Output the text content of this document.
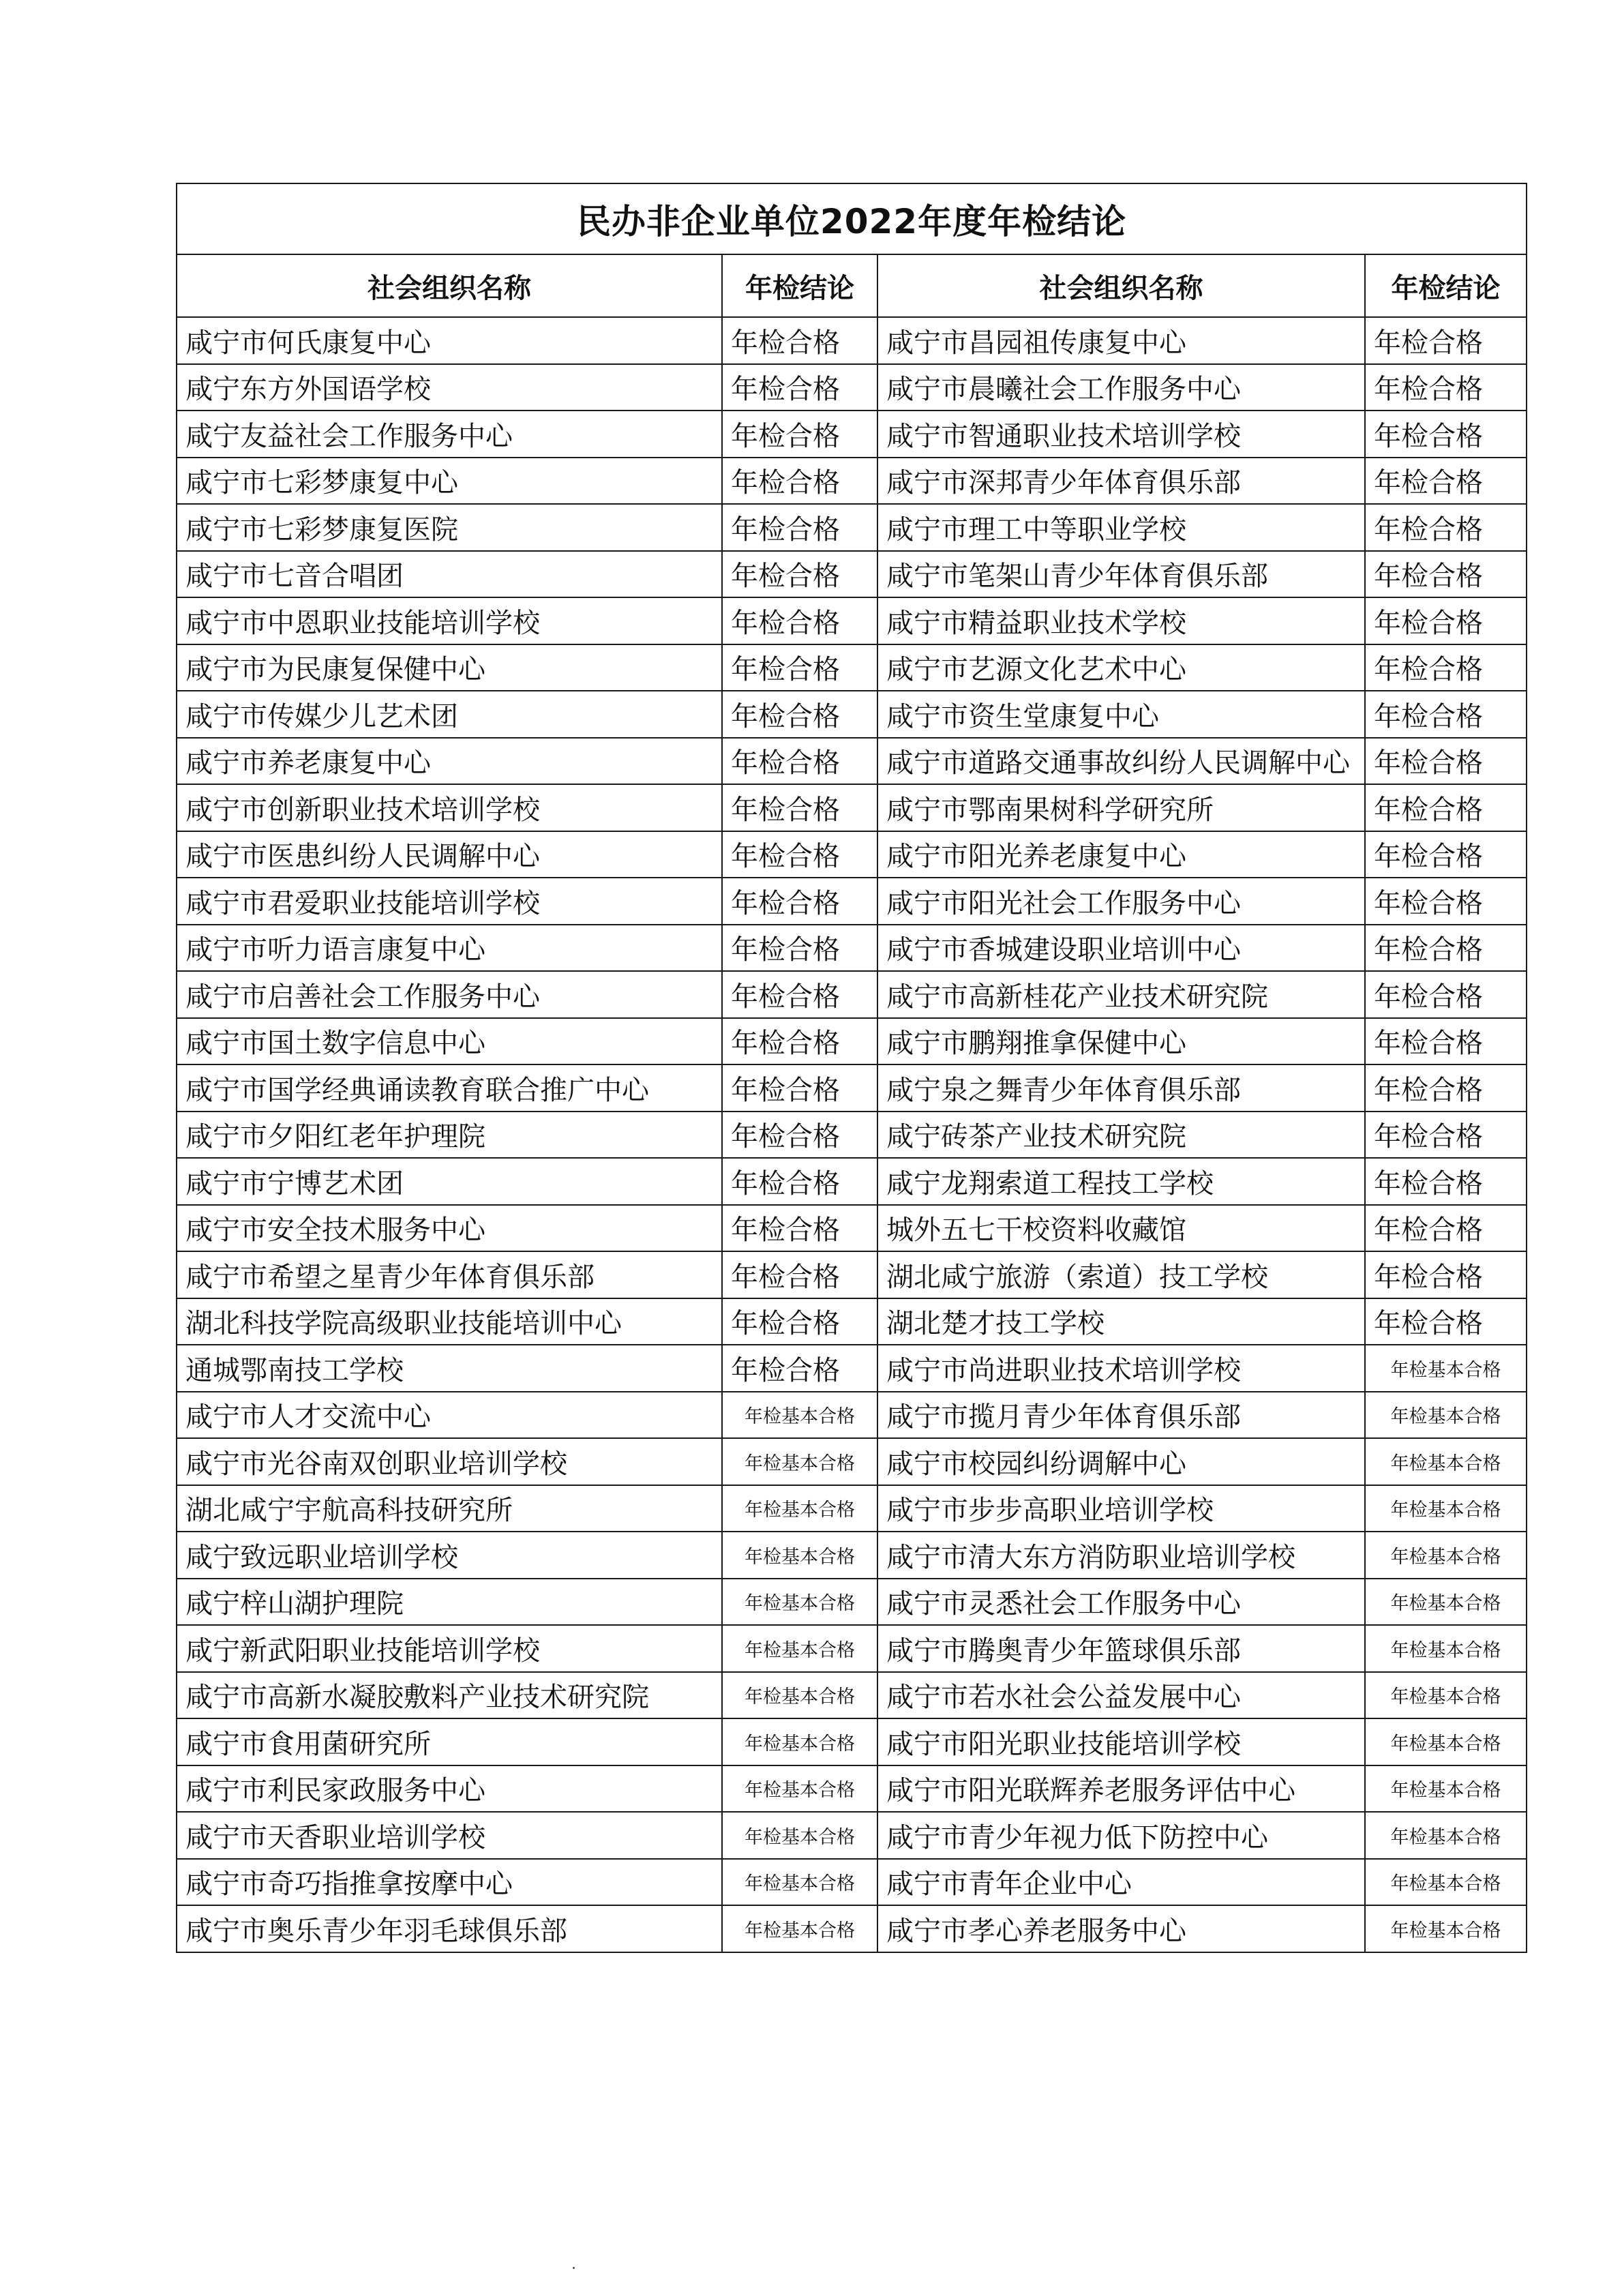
民办非企业单位2022年度年检结论			
社会组织名称	年检结论	社会组织名称	年检结论
咸宁市何氏康复中心	年检合格	咸宁市昌园祖传康复中心	年检合格
咸宁东方外国语学校	年检合格	咸宁市晨曦社会工作服务中心	年检合格
咸宁友益社会工作服务中心	年检合格	咸宁市智通职业技术培训学校	年检合格
咸宁市七彩梦康复中心	年检合格	咸宁市深邦青少年体育俱乐部	年检合格
咸宁市七彩梦康复医院	年检合格	咸宁市理工中等职业学校	年检合格
咸宁市七音合唱团	年检合格	咸宁市笔架山青少年体育俱乐部	年检合格
咸宁市中恩职业技能培训学校	年检合格	咸宁市精益职业技术学校	年检合格
咸宁市为民康复保健中心	年检合格	咸宁市艺源文化艺术中心	年检合格
咸宁市传媒少儿艺术团	年检合格	咸宁市资生堂康复中心	年检合格
咸宁市养老康复中心	年检合格	咸宁市道路交通事故纠纷人民调解中心	年检合格
咸宁市创新职业技术培训学校	年检合格	咸宁市鄂南果树科学研究所	年检合格
咸宁市医患纠纷人民调解中心	年检合格	咸宁市阳光养老康复中心	年检合格
咸宁市君爱职业技能培训学校	年检合格	咸宁市阳光社会工作服务中心	年检合格
咸宁市听力语言康复中心	年检合格	咸宁市香城建设职业培训中心	年检合格
咸宁市启善社会工作服务中心	年检合格	咸宁市高新桂花产业技术研究院	年检合格
咸宁市国土数字信息中心	年检合格	咸宁市鹏翔推拿保健中心	年检合格
咸宁市国学经典诵读教育联合推广中心	年检合格	咸宁泉之舞青少年体育俱乐部	年检合格
咸宁市夕阳红老年护理院	年检合格	咸宁砖茶产业技术研究院	年检合格
咸宁市宁博艺术团	年检合格	咸宁龙翔索道工程技工学校	年检合格
咸宁市安全技术服务中心	年检合格	城外五七干校资料收藏馆	年检合格
咸宁市希望之星青少年体育俱乐部	年检合格	湖北咸宁旅游（索道）技工学校	年检合格
湖北科技学院高级职业技能培训中心	年检合格	湖北楚才技工学校	年检合格
通城鄂南技工学校	年检合格	咸宁市尚进职业技术培训学校	年检基本合格
咸宁市人才交流中心	年检基本合格	咸宁市揽月青少年体育俱乐部	年检基本合格
咸宁市光谷南双创职业培训学校	年检基本合格	咸宁市校园纠纷调解中心	年检基本合格
湖北咸宁宇航高科技研究所	年检基本合格	咸宁市步步高职业培训学校	年检基本合格
咸宁致远职业培训学校	年检基本合格	咸宁市清大东方消防职业培训学校	年检基本合格
咸宁梓山湖护理院	年检基本合格	咸宁市灵悉社会工作服务中心	年检基本合格
咸宁新武阳职业技能培训学校	年检基本合格	咸宁市腾奥青少年篮球俱乐部	年检基本合格
咸宁市高新水凝胶敷料产业技术研究院	年检基本合格	咸宁市若水社会公益发展中心	年检基本合格
咸宁市食用菌研究所	年检基本合格	咸宁市阳光职业技能培训学校	年检基本合格
咸宁市利民家政服务中心	年检基本合格	咸宁市阳光联辉养老服务评估中心	年检基本合格
咸宁市天香职业培训学校	年检基本合格	咸宁市青少年视力低下防控中心	年检基本合格
咸宁市奇巧指推拿按摩中心	年检基本合格	咸宁市青年企业中心	年检基本合格
咸宁市奥乐青少年羽毛球俱乐部	年检基本合格	咸宁市孝心养老服务中心	年检基本合格
.
